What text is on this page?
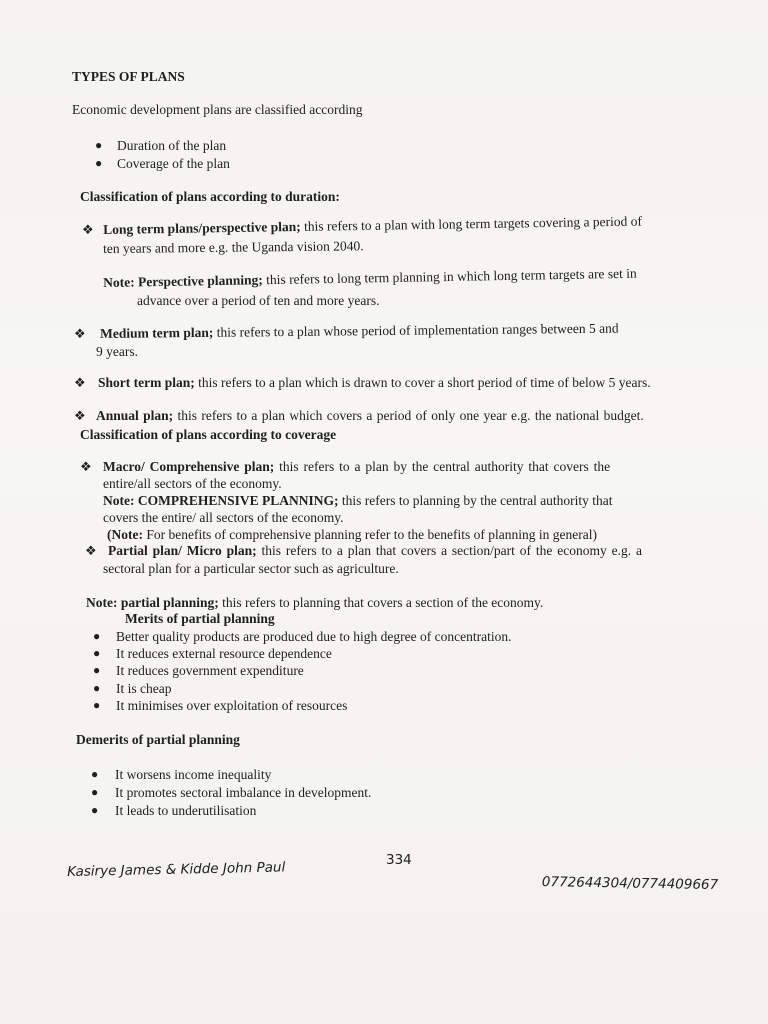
TYPES OF PLANS
Economic development plans are classified according
● Duration of the plan
● Coverage of the plan
Classification of plans according to duration:
❖ Long term plans/perspective plan; this refers to a plan with long term targets covering a period of
ten years and more e.g. the Uganda vision 2040.
Note: Perspective planning; this refers to long term planning in which long term targets are set in
advance over a period of ten and more years.
❖ Medium term plan; this refers to a plan whose period of implementation ranges between 5 and
9 years.
❖ Short term plan; this refers to a plan which is drawn to cover a short period of time of below 5 years.
❖ Annual plan; this refers to a plan which covers a period of only one year e.g. the national budget.
Classification of plans according to coverage
❖ Macro/ Comprehensive plan; this refers to a plan by the central authority that covers the
entire/all sectors of the economy.
Note: COMPREHENSIVE PLANNING; this refers to planning by the central authority that
covers the entire/ all sectors of the economy.
(Note: For benefits of comprehensive planning refer to the benefits of planning in general)
❖ Partial plan/ Micro plan; this refers to a plan that covers a section/part of the economy e.g. a
sectoral plan for a particular sector such as agriculture.
Note: partial planning; this refers to planning that covers a section of the economy.
Merits of partial planning
● Better quality products are produced due to high degree of concentration.
● It reduces external resource dependence
● It reduces government expenditure
● It is cheap
● It minimises over exploitation of resources
Demerits of partial planning
● It worsens income inequality
● It promotes sectoral imbalance in development.
● It leads to underutilisation
334
Kasirye James & Kidde John Paul
0772644304/0774409667
